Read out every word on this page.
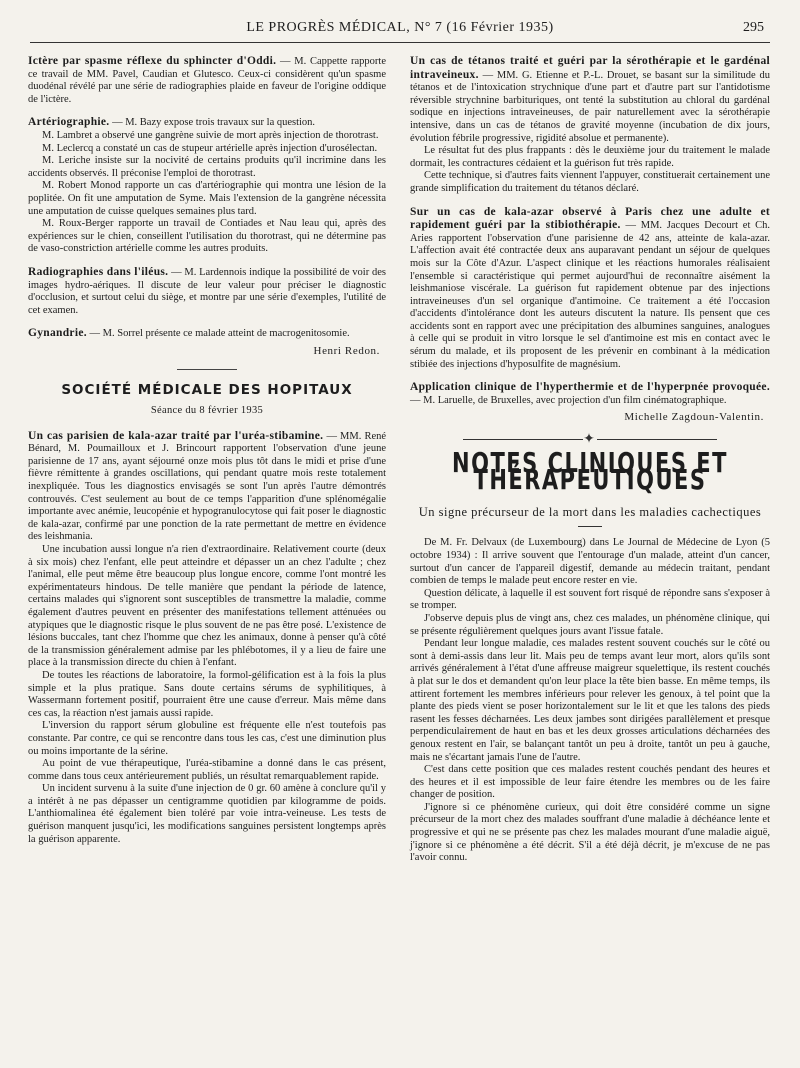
LE PROGRÈS MÉDICAL, N° 7 (16 Février 1935)	295

Ictère par spasme réflexe du sphincter d'Oddi. — M. Cappette rapporte ce travail de MM. Pavel, Caudian et Glutesco. Ceux-ci considèrent qu'un spasme duodénal révélé par une série de radiographies plaide en faveur de l'origine oddique de l'ictère.

Artériographie. — M. Bazy expose trois travaux sur la question.

M. Lambret a observé une gangrène suivie de mort après injection de thorotrast.

M. Leclercq a constaté un cas de stupeur artérielle après injection d'urosélectan.

M. Leriche insiste sur la nocivité de certains produits qu'il incrimine dans les accidents observés. Il préconise l'emploi de thorotrast.

M. Robert Monod rapporte un cas d'artériographie qui montra une lésion de la poplitée. On fit une amputation de Syme. Mais l'extension de la gangrène nécessita une amputation de cuisse quelques semaines plus tard.

M. Roux-Berger rapporte un travail de Contiades et Nau leau qui, après des expériences sur le chien, conseillent l'utilisation du thorotrast, qui ne détermine pas de vaso-constriction artérielle comme les autres produits.

Radiographies dans l'iléus. — M. Lardennois indique la possibilité de voir des images hydro-aériques. Il discute de leur valeur pour préciser le diagnostic d'occlusion, et surtout celui du siège, et montre par une série d'exemples, l'utilité de cet examen.

Gynandrie. — M. Sorrel présente ce malade atteint de macrogenitosomie.

Henri Redon.
SOCIÉTÉ MÉDICALE DES HOPITAUX
Séance du 8 février 1935

Un cas parisien de kala-azar traité par l'uréa-stibamine. — MM. René Bénard, M. Poumailloux et J. Brincourt rapportent l'observation d'une jeune parisienne de 17 ans, ayant séjourné onze mois plus tôt dans le midi et prise d'une fièvre rémittente à grandes oscillations, qui pendant quatre mois reste totalement inexpliquée. Tous les diagnostics envisagés se sont l'un après l'autre démontrés controuvés. C'est seulement au bout de ce temps l'apparition d'une splénomégalie importante avec anémie, leucopénie et hypogranulocytose qui fait poser le diagnostic de kala-azar, confirmé par une ponction de la rate permettant de mettre en évidence des leishmania.

Une incubation aussi longue n'a rien d'extraordinaire. Relativement courte (deux à six mois) chez l'enfant, elle peut atteindre et dépasser un an chez l'adulte ; chez l'animal, elle peut même être beaucoup plus longue encore, comme l'ont montré les expérimentateurs hindous. De telle manière que pendant la période de latence, certains malades qui s'ignorent sont susceptibles de transmettre la maladie, comme également d'autres peuvent en présenter des manifestations tellement atténuées ou atypiques que le diagnostic risque le plus souvent de ne pas être posé. L'existence de lésions buccales, tant chez l'homme que chez les animaux, donne à penser qu'à côté de la transmission généralement admise par les phlébotomes, il y a lieu de faire une place à la transmission directe du chien à l'enfant.

De toutes les réactions de laboratoire, la formol-gélification est à la fois la plus simple et la plus pratique. Sans doute certains sérums de syphilitiques, à Wassermann fortement positif, pourraient être une cause d'erreur. Mais même dans ces cas, la réaction n'est jamais aussi rapide.

L'inversion du rapport sérum globuline est fréquente elle n'est toutefois pas constante. Par contre, ce qui se rencontre dans tous les cas, c'est une diminution plus ou moins importante de la sérine.

Au point de vue thérapeutique, l'uréa-stibamine a donné dans le cas présent, comme dans tous ceux antérieurement publiés, un résultat remarquablement rapide.

Un incident survenu à la suite d'une injection de 0 gr. 60 amène à conclure qu'il y a intérêt à ne pas dépasser un centigramme quotidien par kilogramme de poids. L'anthiomalinea été également bien toléré par voie intra-veineuse. Les tests de guérison manquent jusqu'ici, les modifications sanguines persistent longtemps après la guérison apparente.

Un cas de tétanos traité et guéri par la sérothérapie et le gardénal intraveineux. — MM. G. Etienne et P.-L. Drouet, se basant sur la similitude du tétanos et de l'intoxication strychnique d'une part et d'autre part sur l'antidotisme réversible strychnine barbituriques, ont tenté la substitution au chloral du gardénal sodique en injections intraveineuses, de pair naturellement avec la sérothérapie intensive, dans un cas de tétanos de gravité moyenne (incubation de dix jours, évolution fébrile progressive, rigidité absolue et permanente).

Le résultat fut des plus frappants : dès le deuxième jour du traitement le malade dormait, les contractures cédaient et la guérison fut très rapide.

Cette technique, si d'autres faits viennent l'appuyer, constituerait certainement une grande simplification du traitement du tétanos déclaré.

Sur un cas de kala-azar observé à Paris chez une adulte et rapidement guéri par la stibiothérapie. — MM. Jacques Decourt et Ch. Aries rapportent l'observation d'une parisienne de 42 ans, atteinte de kala-azar. L'affection avait été contractée deux ans auparavant pendant un séjour de quelques mois sur la Côte d'Azur. L'aspect clinique et les réactions humorales réalisaient l'ensemble si caractéristique qui permet aujourd'hui de reconnaître aisément la leishmaniose viscérale. La guérison fut rapidement obtenue par des injections intraveineuses d'un sel organique d'antimoine. Ce traitement a été l'occasion d'accidents d'intolérance dont les auteurs discutent la nature. Ils pensent que ces accidents sont en rapport avec une précipitation des albumines sanguines, analogues à celle qui se produit in vitro lorsque le sel d'antimoine est mis en contact avec le sérum du malade, et ils proposent de les prévenir en combinant à la médication stibiée des injections d'hyposulfite de magnésium.

Application clinique de l'hyperthermie et de l'hyperpnée provoquée. — M. Laruelle, de Bruxelles, avec projection d'un film cinématographique.

Michelle Zagdoun-Valentin.
✦
NOTES CLINIQUES ET THÉRAPEUTIQUES
Un signe précurseur de la mort dans les maladies cachectiques

De M. Fr. Delvaux (de Luxembourg) dans Le Journal de Médecine de Lyon (5 octobre 1934) : Il arrive souvent que l'entourage d'un malade, atteint d'un cancer, surtout d'un cancer de l'appareil digestif, demande au médecin traitant, pendant combien de temps le malade peut encore rester en vie.

Question délicate, à laquelle il est souvent fort risqué de répondre sans s'exposer à se tromper.

J'observe depuis plus de vingt ans, chez ces malades, un phénomène clinique, qui se présente régulièrement quelques jours avant l'issue fatale.

Pendant leur longue maladie, ces malades restent souvent couchés sur le côté ou sont à demi-assis dans leur lit. Mais peu de temps avant leur mort, alors qu'ils sont arrivés généralement à l'état d'une affreuse maigreur squelettique, ils restent couchés à plat sur le dos et demandent qu'on leur place la tête bien basse. En même temps, ils attirent fortement les membres inférieurs pour relever les genoux, à tel point que la plante des pieds vient se poser horizontalement sur le lit et que les talons des pieds rasent les fesses décharnées. Les deux jambes sont dirigées parallèlement et presque perpendiculairement de haut en bas et les deux grosses articulations décharnées des genoux restent en l'air, se balançant tantôt un peu à droite, tantôt un peu à gauche, mais ne s'écartant jamais l'une de l'autre.

C'est dans cette position que ces malades restent couchés pendant des heures et des heures et il est impossible de leur faire étendre les membres ou de les faire changer de position.

J'ignore si ce phénomène curieux, qui doit être considéré comme un signe précurseur de la mort chez des malades souffrant d'une maladie à déchéance lente et progressive et qui ne se présente pas chez les malades mourant d'une maladie aiguë, j'ignore si ce phénomène a été décrit. S'il a été déjà décrit, je m'excuse de ne pas l'avoir connu.
